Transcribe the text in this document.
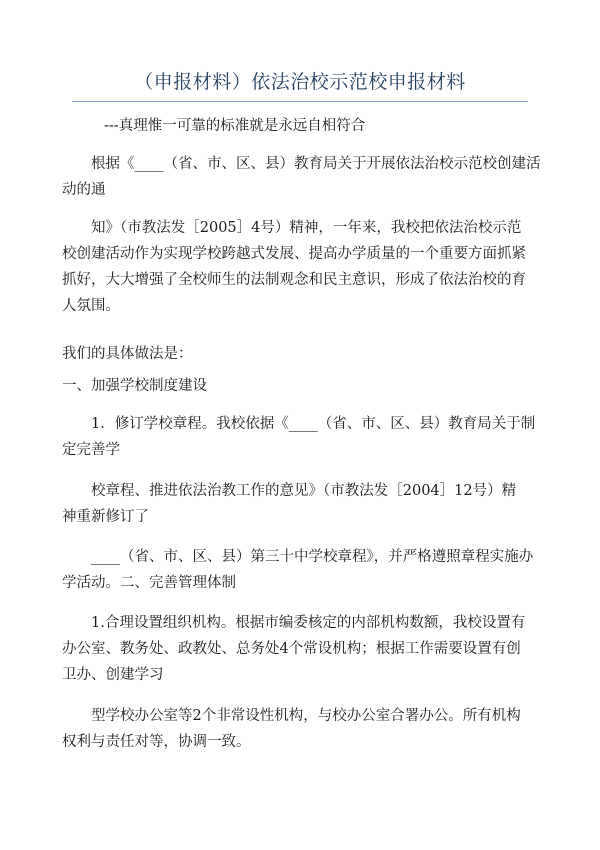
（申报材料）依法治校示范校申报材料

---真理惟一可靠的标准就是永远自相符合

根据《____（省、市、区、县）教育局关于开展依法治校示范校创建活
动的通

知》（市教法发［2005］4号）精神，一年来，我校把依法治校示范
校创建活动作为实现学校跨越式发展、提高办学质量的一个重要方面抓紧
抓好，大大增强了全校师生的法制观念和民主意识，形成了依法治校的育
人氛围。

我们的具体做法是：

一、加强学校制度建设

1．修订学校章程。我校依据《____（省、市、区、县）教育局关于制
定完善学

校章程、推进依法治教工作的意见》（市教法发［2004］12号）精
神重新修订了

____（省、市、区、县）第三十中学校章程》，并严格遵照章程实施办
学活动。二、完善管理体制

1.合理设置组织机构。根据市编委核定的内部机构数额，我校设置有
办公室、教务处、政教处、总务处4个常设机构；根据工作需要设置有创
卫办、创建学习

型学校办公室等2个非常设性机构，与校办公室合署办公。所有机构
权利与责任对等，协调一致。
